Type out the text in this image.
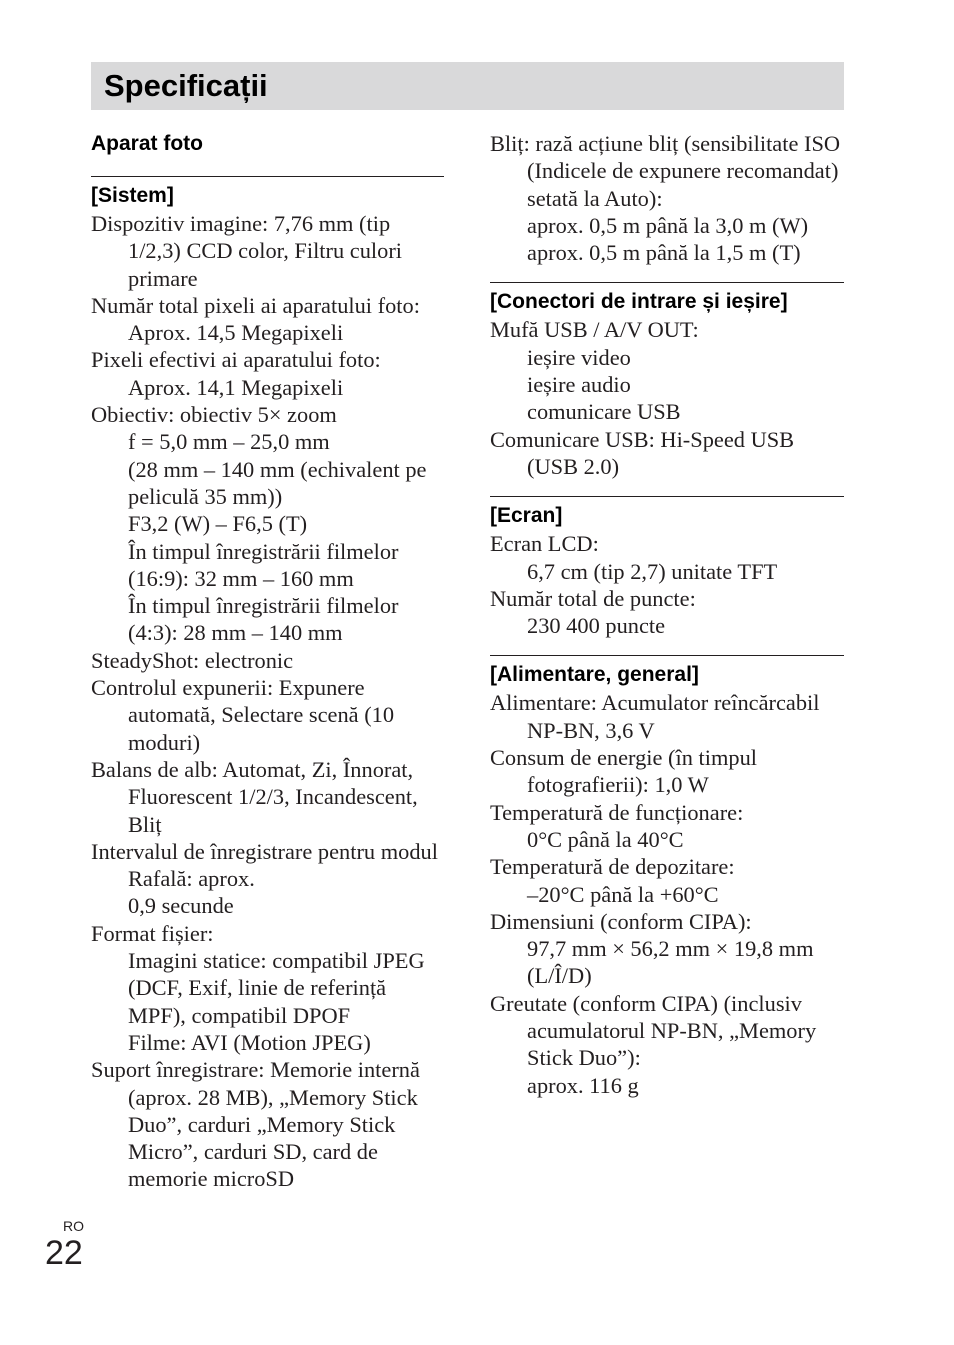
Specificații
Aparat foto
[Sistem]
Dispozitiv imagine: 7,76 mm (tip 1/2,3) CCD color, Filtru culori primare
Număr total pixeli ai aparatului foto:
Aprox. 14,5 Megapixeli
Pixeli efectivi ai aparatului foto:
Aprox. 14,1 Megapixeli
Obiectiv: obiectiv 5× zoom
f = 5,0 mm – 25,0 mm
(28 mm – 140 mm (echivalent pe peliculă 35 mm))
F3,2 (W) – F6,5 (T)
În timpul înregistrării filmelor (16:9): 32 mm – 160 mm
În timpul înregistrării filmelor (4:3): 28 mm – 140 mm
SteadyShot: electronic
Controlul expunerii: Expunere automată, Selectare scenă (10 moduri)
Balans de alb: Automat, Zi, Înnorat, Fluorescent 1/2/3, Incandescent, Bliț
Intervalul de înregistrare pentru modul Rafală: aprox.
0,9 secunde
Format fișier:
Imagini statice: compatibil JPEG (DCF, Exif, linie de referință MPF), compatibil DPOF
Filme: AVI (Motion JPEG)
Suport înregistrare: Memorie internă (aprox. 28 MB), „Memory Stick Duo”, carduri „Memory Stick Micro”, carduri SD, card de memorie microSD
Bliț: rază acțiune bliț (sensibilitate ISO (Indicele de expunere recomandat) setată la Auto):
aprox. 0,5 m până la 3,0 m (W)
aprox. 0,5 m până la 1,5 m (T)
[Conectori de intrare și ieșire]
Mufă USB / A/V OUT:
ieșire video
ieșire audio
comunicare USB
Comunicare USB: Hi-Speed USB (USB 2.0)
[Ecran]
Ecran LCD:
6,7 cm (tip 2,7) unitate TFT
Număr total de puncte:
230 400 puncte
[Alimentare, general]
Alimentare: Acumulator reîncărcabil NP-BN, 3,6 V
Consum de energie (în timpul fotografierii): 1,0 W
Temperatură de funcționare:
0°C până la 40°C
Temperatură de depozitare:
–20°C până la +60°C
Dimensiuni (conform CIPA):
97,7 mm × 56,2 mm × 19,8 mm (L/Î/D)
Greutate (conform CIPA) (inclusiv acumulatorul NP-BN, „Memory Stick Duo”):
aprox. 116 g
RO
22
